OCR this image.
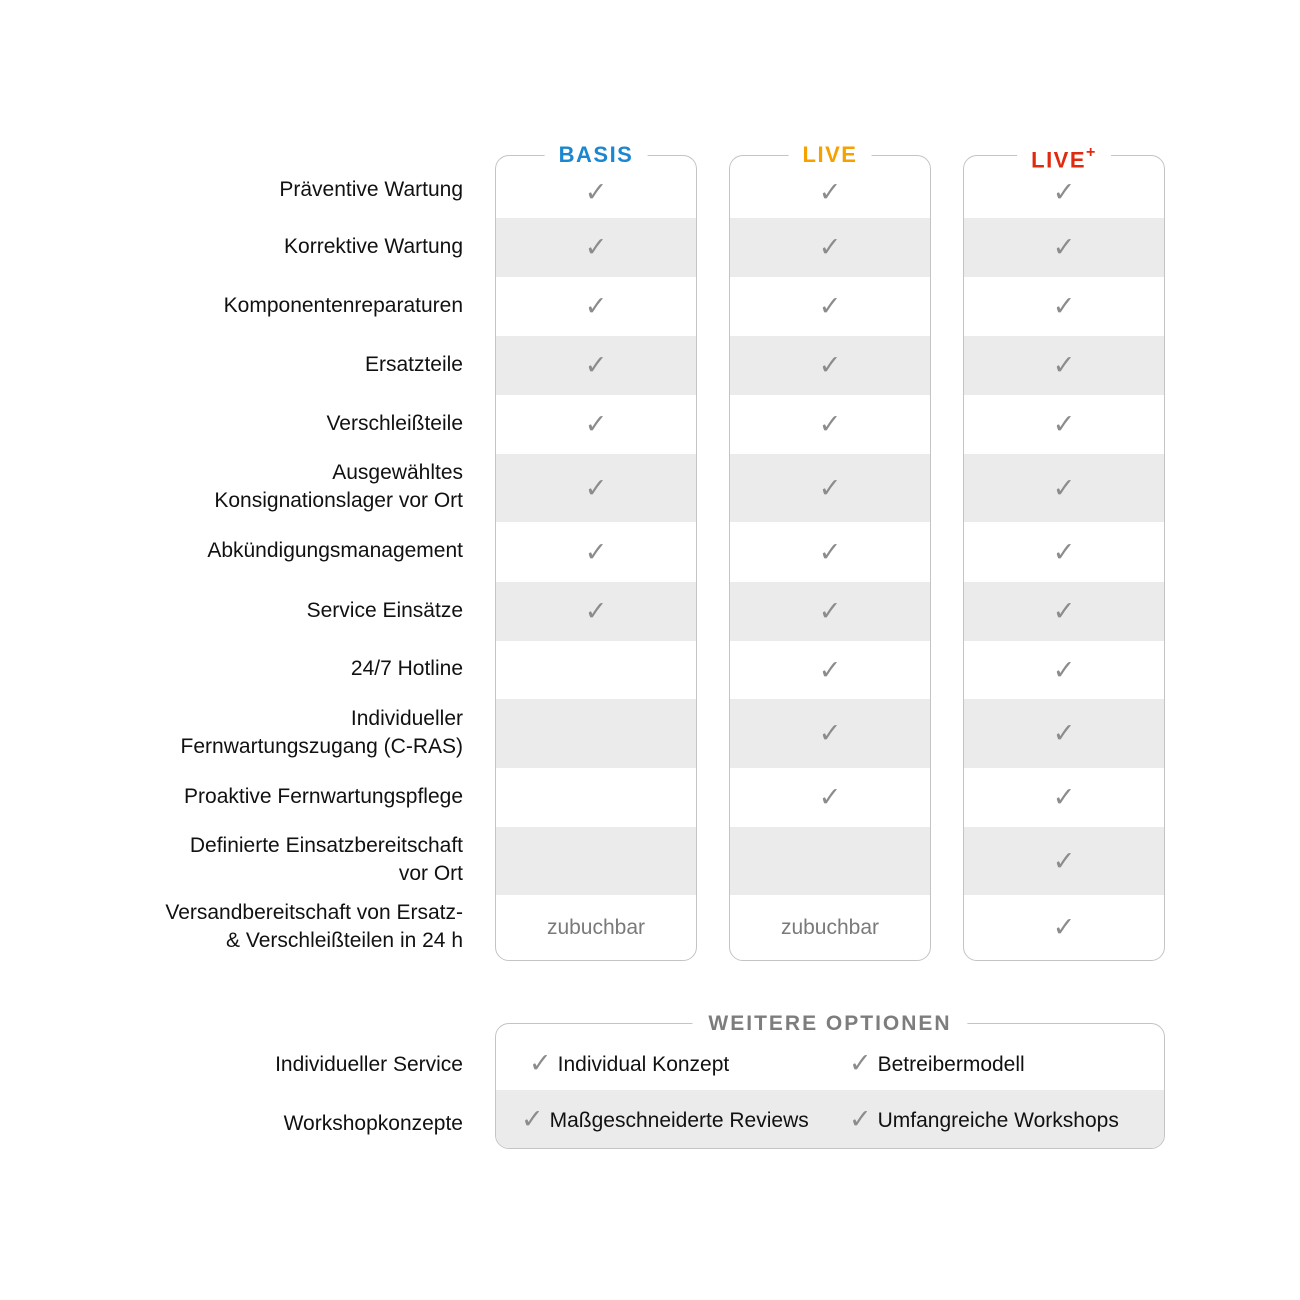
Präventive Wartung
Korrektive Wartung
Komponentenreparaturen
Ersatzteile
Verschleißteile
Ausgewähltes
Konsignationslager vor Ort
Abkündigungsmanagement
Service Einsätze
24/7 Hotline
Individueller
Fernwartungszugang (C-RAS)
Proaktive Fernwartungspflege
Definierte Einsatzbereitschaft
vor Ort
Versandbereitschaft von Ersatz-
& Verschleißteilen in 24 h
✓
✓
✓
✓
✓
✓
✓
✓
zubuchbar
BASIS
✓
✓
✓
✓
✓
✓
✓
✓
✓
✓
✓
zubuchbar
LIVE
✓
✓
✓
✓
✓
✓
✓
✓
✓
✓
✓
✓
✓
LIVE+
Individueller Service
Workshopkonzepte
✓ Individual Konzept	✓ Betreibermodell
✓ Maßgeschneiderte Reviews ✓ Umfangreiche Workshops
WEITERE OPTIONEN
